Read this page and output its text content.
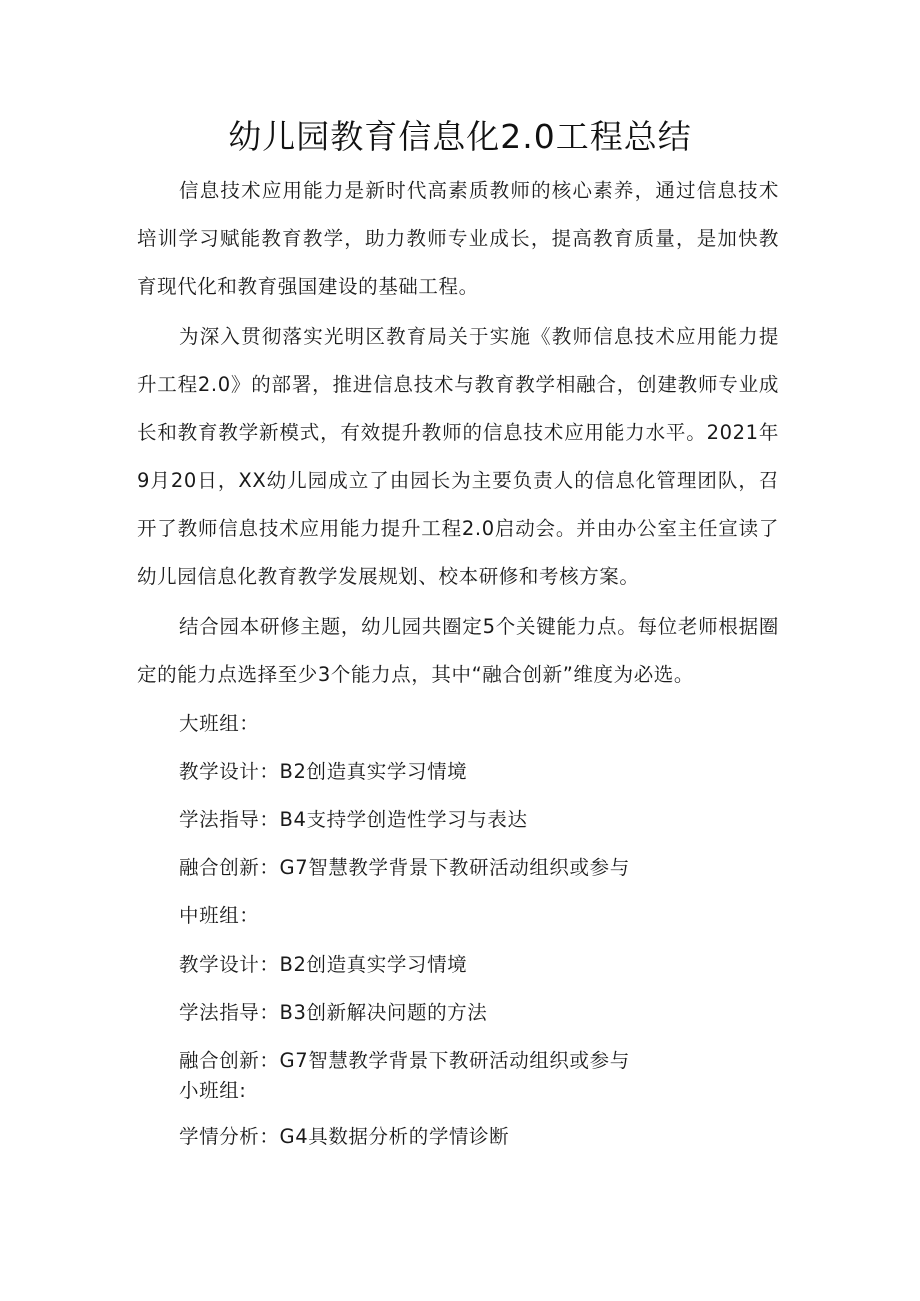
幼儿园教育信息化2.0工程总结

信息技术应用能力是新时代高素质教师的核心素养，通过信息技术培训学习赋能教育教学，助力教师专业成长，提高教育质量，是加快教育现代化和教育强国建设的基础工程。

为深入贯彻落实光明区教育局关于实施《教师信息技术应用能力提升工程2.0》的部署，推进信息技术与教育教学相融合，创建教师专业成长和教育教学新模式，有效提升教师的信息技术应用能力水平。2021年9月20日，XX幼儿园成立了由园长为主要负责人的信息化管理团队，召开了教师信息技术应用能力提升工程2.0启动会。并由办公室主任宣读了幼儿园信息化教育教学发展规划、校本研修和考核方案。

结合园本研修主题，幼儿园共圈定5个关键能力点。每位老师根据圈定的能力点选择至少3个能力点，其中“融合创新”维度为必选。

大班组：

教学设计：B2创造真实学习情境

学法指导：B4支持学创造性学习与表达

融合创新：G7智慧教学背景下教研活动组织或参与

中班组：

教学设计：B2创造真实学习情境

学法指导：B3创新解决问题的方法

融合创新：G7智慧教学背景下教研活动组织或参与

小班组:

学情分析：G4具数据分析的学情诊断
